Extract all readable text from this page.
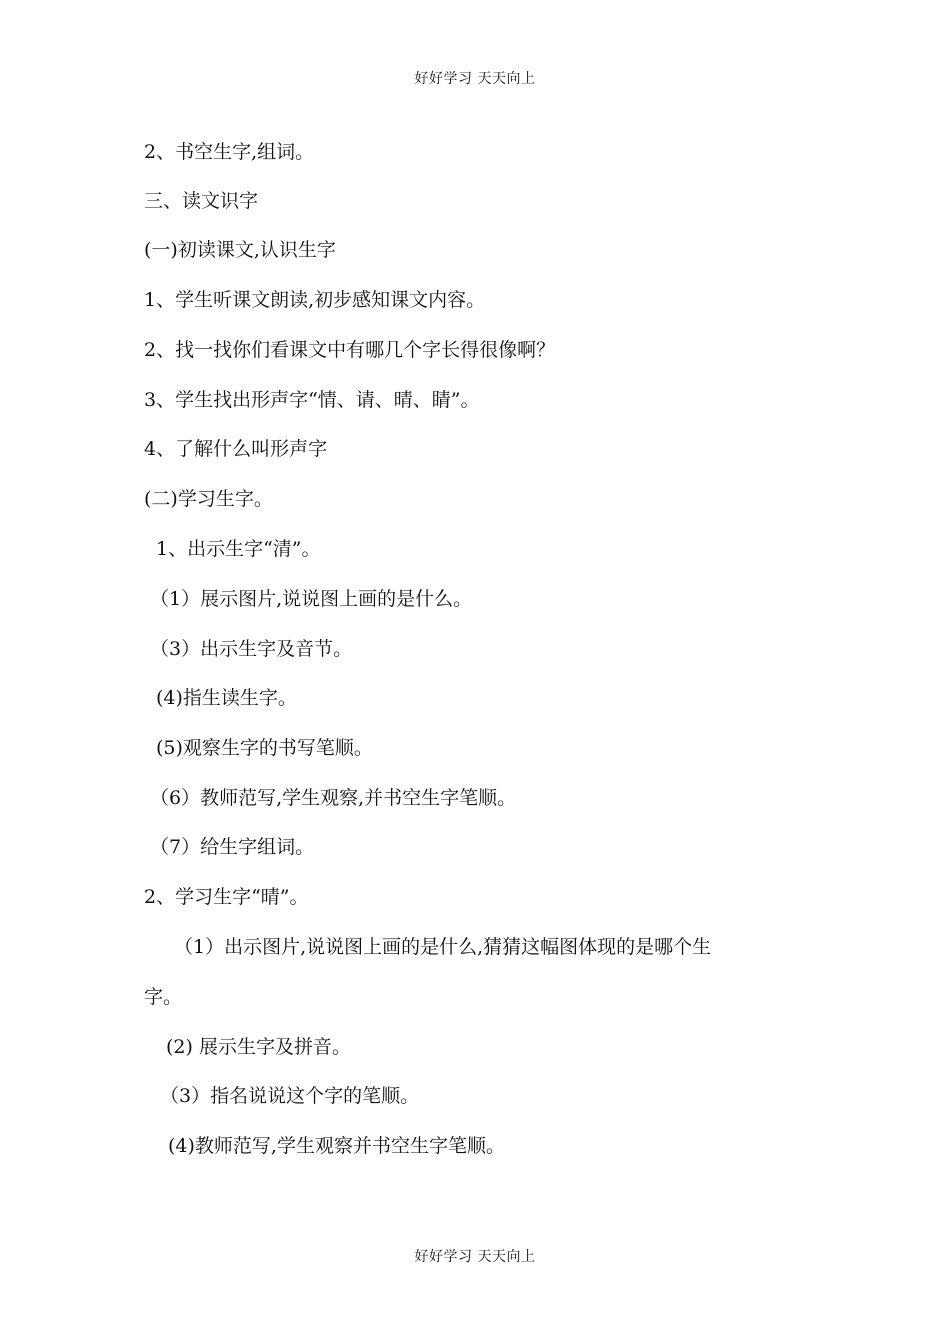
好好学习 天天向上
2、书空生字,组词。
三、读文识字
(一)初读课文,认识生字
1、学生听课文朗读,初步感知课文内容。
2、找一找你们看课文中有哪几个字长得很像啊？
3、学生找出形声字“情、请、晴、睛”。
4、了解什么叫形声字
(二)学习生字。
1、出示生字“清”。
（1）展示图片,说说图上画的是什么。
（3）出示生字及音节。
(4)指生读生字。
(5)观察生字的书写笔顺。
（6）教师范写,学生观察,并书空生字笔顺。
（7）给生字组词。
2、学习生字“晴”。
（1）出示图片,说说图上画的是什么,猜猜这幅图体现的是哪个生
字。
(2) 展示生字及拼音。
（3）指名说说这个字的笔顺。
(4)教师范写,学生观察并书空生字笔顺。
好好学习 天天向上
